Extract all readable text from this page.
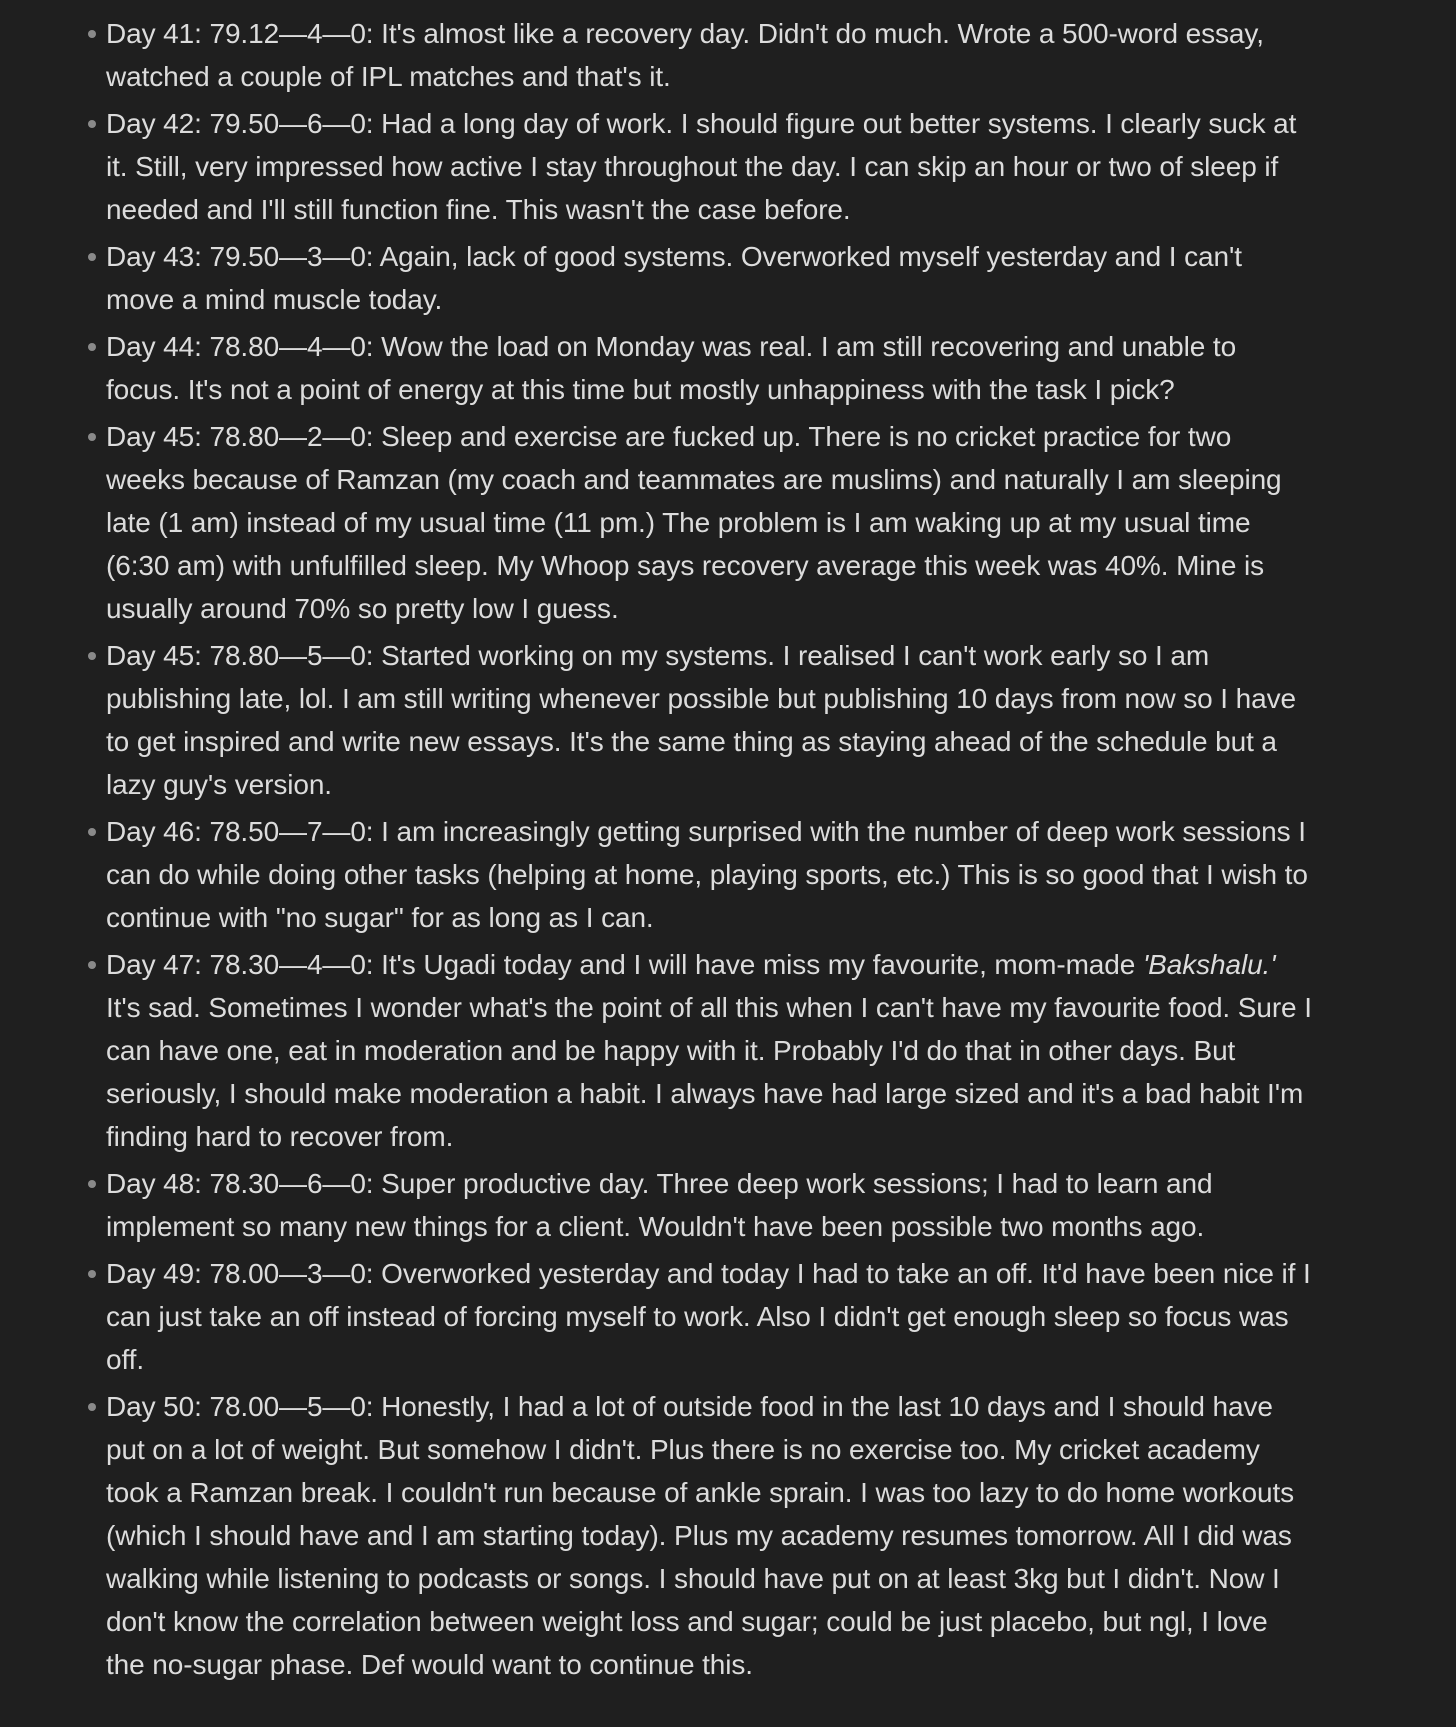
Day 41: 79.12—4—0: It's almost like a recovery day. Didn't do much. Wrote a 500-word essay, watched a couple of IPL matches and that's it.
Day 42: 79.50—6—0: Had a long day of work. I should figure out better systems. I clearly suck at it. Still, very impressed how active I stay throughout the day. I can skip an hour or two of sleep if needed and I'll still function fine. This wasn't the case before.
Day 43: 79.50—3—0: Again, lack of good systems. Overworked myself yesterday and I can't move a mind muscle today.
Day 44: 78.80—4—0: Wow the load on Monday was real. I am still recovering and unable to focus. It's not a point of energy at this time but mostly unhappiness with the task I pick?
Day 45: 78.80—2—0: Sleep and exercise are fucked up. There is no cricket practice for two weeks because of Ramzan (my coach and teammates are muslims) and naturally I am sleeping late (1 am) instead of my usual time (11 pm.) The problem is I am waking up at my usual time (6:30 am) with unfulfilled sleep. My Whoop says recovery average this week was 40%. Mine is usually around 70% so pretty low I guess.
Day 45: 78.80—5—0: Started working on my systems. I realised I can't work early so I am publishing late, lol. I am still writing whenever possible but publishing 10 days from now so I have to get inspired and write new essays. It's the same thing as staying ahead of the schedule but a lazy guy's version.
Day 46: 78.50—7—0: I am increasingly getting surprised with the number of deep work sessions I can do while doing other tasks (helping at home, playing sports, etc.) This is so good that I wish to continue with "no sugar" for as long as I can.
Day 47: 78.30—4—0: It's Ugadi today and I will have miss my favourite, mom-made 'Bakshalu.' It's sad. Sometimes I wonder what's the point of all this when I can't have my favourite food. Sure I can have one, eat in moderation and be happy with it. Probably I'd do that in other days. But seriously, I should make moderation a habit. I always have had large sized and it's a bad habit I'm finding hard to recover from.
Day 48: 78.30—6—0: Super productive day. Three deep work sessions; I had to learn and implement so many new things for a client. Wouldn't have been possible two months ago.
Day 49: 78.00—3—0: Overworked yesterday and today I had to take an off. It'd have been nice if I can just take an off instead of forcing myself to work. Also I didn't get enough sleep so focus was off.
Day 50: 78.00—5—0: Honestly, I had a lot of outside food in the last 10 days and I should have put on a lot of weight. But somehow I didn't. Plus there is no exercise too. My cricket academy took a Ramzan break. I couldn't run because of ankle sprain. I was too lazy to do home workouts (which I should have and I am starting today). Plus my academy resumes tomorrow. All I did was walking while listening to podcasts or songs. I should have put on at least 3kg but I didn't. Now I don't know the correlation between weight loss and sugar; could be just placebo, but ngl, I love the no-sugar phase. Def would want to continue this.
